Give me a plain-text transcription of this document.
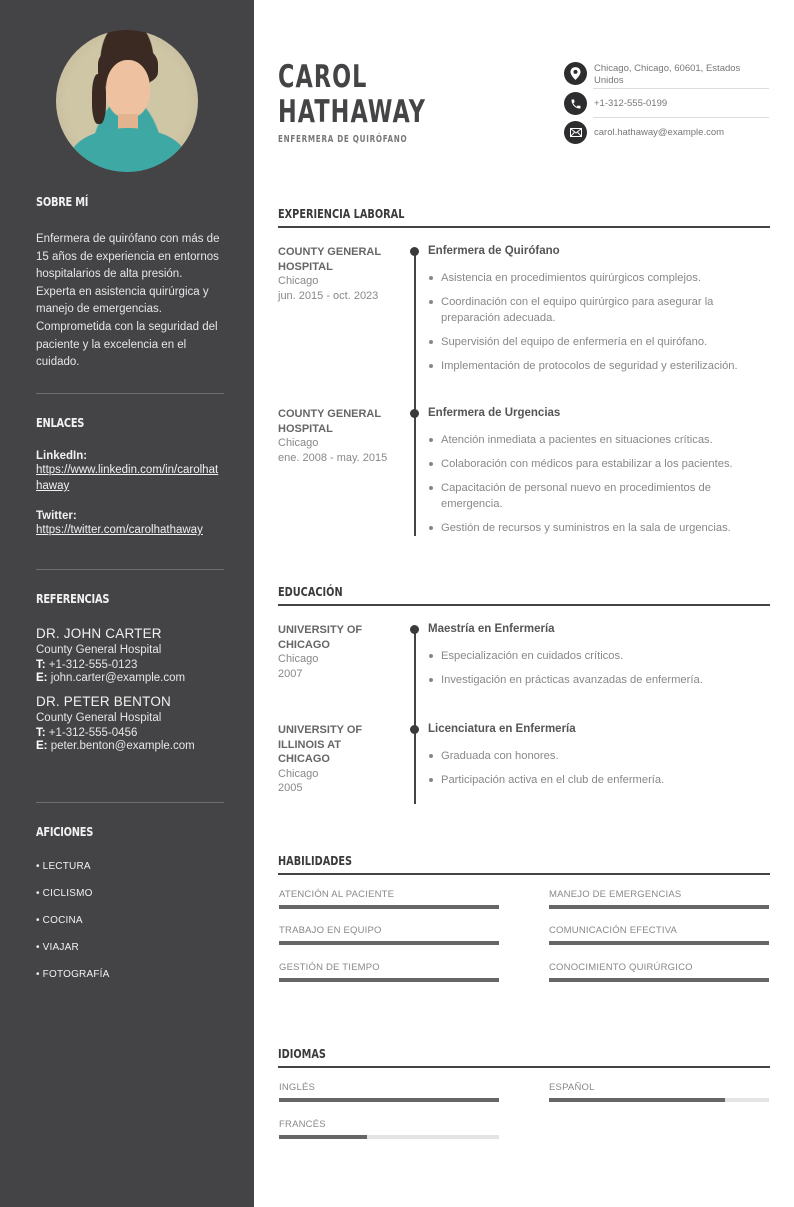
SOBRE MÍ

Enfermera de quirófano con más de 15 años de experiencia en entornos hospitalarios de alta presión. Experta en asistencia quirúrgica y manejo de emergencias. Comprometida con la seguridad del paciente y la excelencia en el cuidado.

ENLACES
LinkedIn:
https://www.linkedin.com/in/carolhathaway
Twitter:
https://twitter.com/carolhathaway
REFERENCIAS
DR. JOHN CARTER
County General Hospital
T: +1-312-555-0123
E: john.carter@example.com
DR. PETER BENTON
County General Hospital
T: +1-312-555-0456
E: peter.benton@example.com
AFICIONES
• LECTURA
• CICLISMO
• COCINA
• VIAJAR
• FOTOGRAFÍA
CAROL
HATHAWAY
ENFERMERA DE QUIRÓFANO
Chicago, Chicago, 60601, Estados Unidos
+1-312-555-0199
carol.hathaway@example.com
EXPERIENCIA LABORAL
COUNTY GENERAL HOSPITAL
Chicago
jun. 2015 - oct. 2023
Enfermera de Quirófano
Asistencia en procedimientos quirúrgicos complejos.
Coordinación con el equipo quirúrgico para asegurar la preparación adecuada.
Supervisión del equipo de enfermería en el quirófano.
Implementación de protocolos de seguridad y esterilización.
COUNTY GENERAL HOSPITAL
Chicago
ene. 2008 - may. 2015
Enfermera de Urgencias
Atención inmediata a pacientes en situaciones críticas.
Colaboración con médicos para estabilizar a los pacientes.
Capacitación de personal nuevo en procedimientos de emergencia.
Gestión de recursos y suministros en la sala de urgencias.
EDUCACIÓN
UNIVERSITY OF CHICAGO
Chicago
2007
Maestría en Enfermería
Especialización en cuidados críticos.
Investigación en prácticas avanzadas de enfermería.
UNIVERSITY OF ILLINOIS AT CHICAGO
Chicago
2005
Licenciatura en Enfermería
Graduada con honores.
Participación activa en el club de enfermería.
HABILIDADES
ATENCIÓN AL PACIENTE	MANEJO DE EMERGENCIAS
TRABAJO EN EQUIPO	COMUNICACIÓN EFECTIVA
GESTIÓN DE TIEMPO	CONOCIMIENTO QUIRÚRGICO
IDIOMAS
INGLÉS	ESPAÑOL
FRANCÉS
